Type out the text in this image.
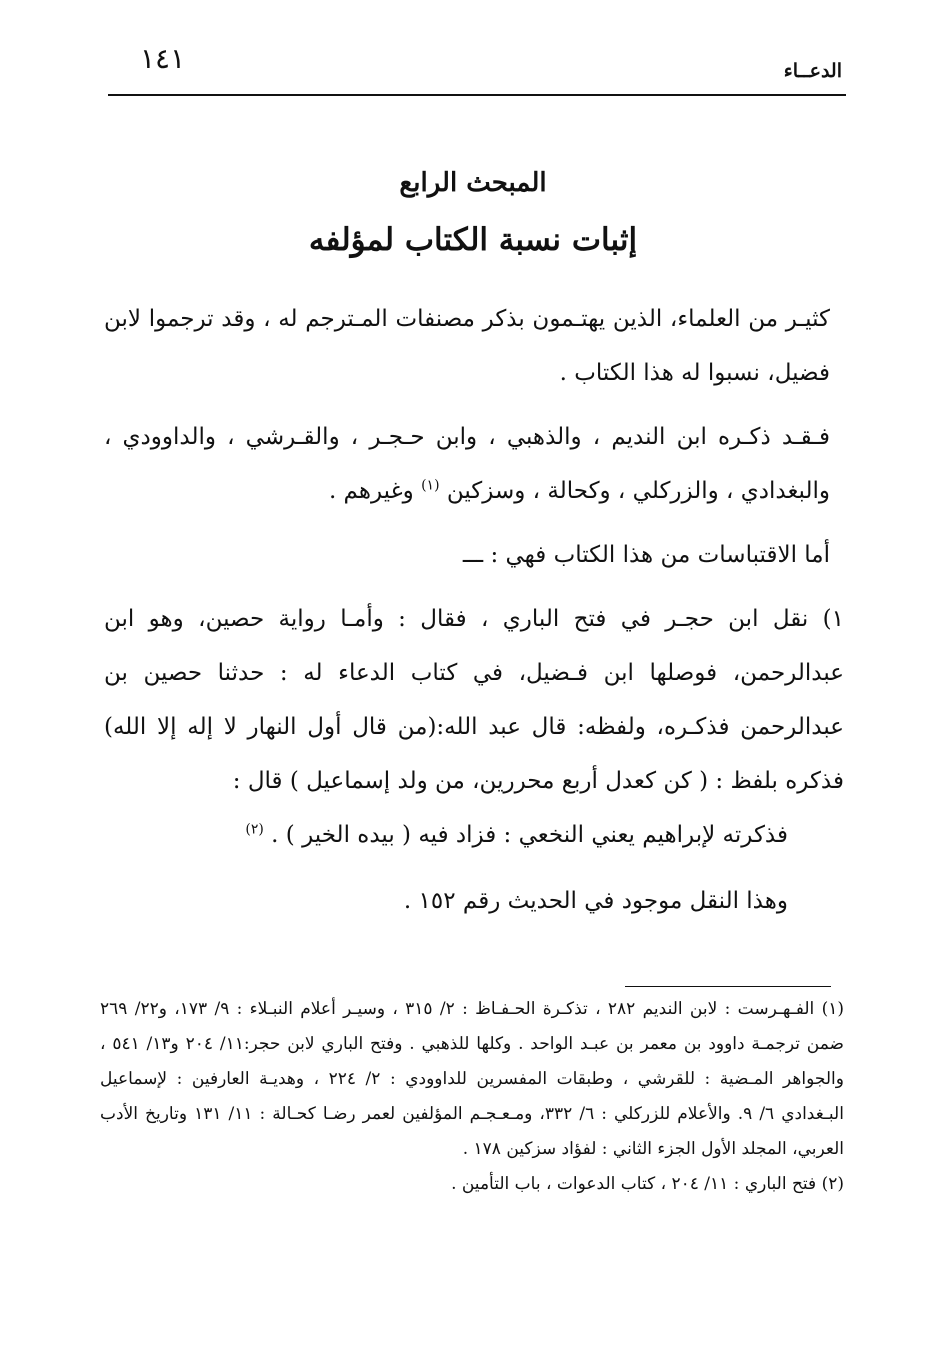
١٤١	الدعــاء
المبحث الرابع
إثبات نسبة الكتاب لمؤلفه

كثيـر من العلماء، الذين يهتـمون بذكر مصنفات المـترجم له ، وقد ترجموا لابن فضيل، نسبوا له هذا الكتاب .

فـقـد ذكـره ابن النديم ، والذهبي ، وابن حـجـر ، والقـرشي ، والداوودي ، والبغدادي ، والزركلي ، وكحالة ، وسزكين $^{(١)}$ وغيرهم .

أما الاقتباسات من هذا الكتاب فهي : ـــ

١) نقل ابن حجـر في فتح الباري ، فقال : وأمـا رواية حصين، وهو ابن عبدالرحمن، فوصلها ابن فـضيل، في كتاب الدعاء له : حدثنا حصين بن عبدالرحمن فذكـره، ولفظه: قال عبد الله:(من قال أول النهار لا إله إلا الله) فذكره بلفظ : ( كن كعدل أربع محررين، من ولد إسماعيل ) قال :

فذكرته لإبراهيم يعني النخعي : فزاد فيه ( بيده الخير ) . $^{(٢)}$

وهذا النقل موجود في الحديث رقم ١٥٢ .

(١) الفـهـرست : لابن النديم ٢٨٢ ، تذكـرة الحـفـاظ : ٢/ ٣١٥ ، وسيـر أعلام النبـلاء : ٩/ ١٧٣، و٢٢/ ٢٦٩ ضمن ترجمـة داوود بن معمر بن عبـد الواحد . وكلها للذهبي . وفتح الباري لابن حجر:١١/ ٢٠٤ و١٣/ ٥٤١ ، والجواهر المـضية : للقرشي ، وطبقات المفسرين للداوودي : ٢/ ٢٢٤ ، وهديـة العارفين : لإسماعيل البـغدادي ٦/ ٩. والأعلام للزركلي : ٦/ ٣٣٢، ومـعـجـم المؤلفين لعمر رضـا كحـالة : ١١/ ١٣١ وتاريخ الأدب العربي، المجلد الأول الجزء الثاني : لفؤاد سزكين ١٧٨ .

(٢) فتح الباري : ١١/ ٢٠٤ ، كتاب الدعوات ، باب التأمين .
